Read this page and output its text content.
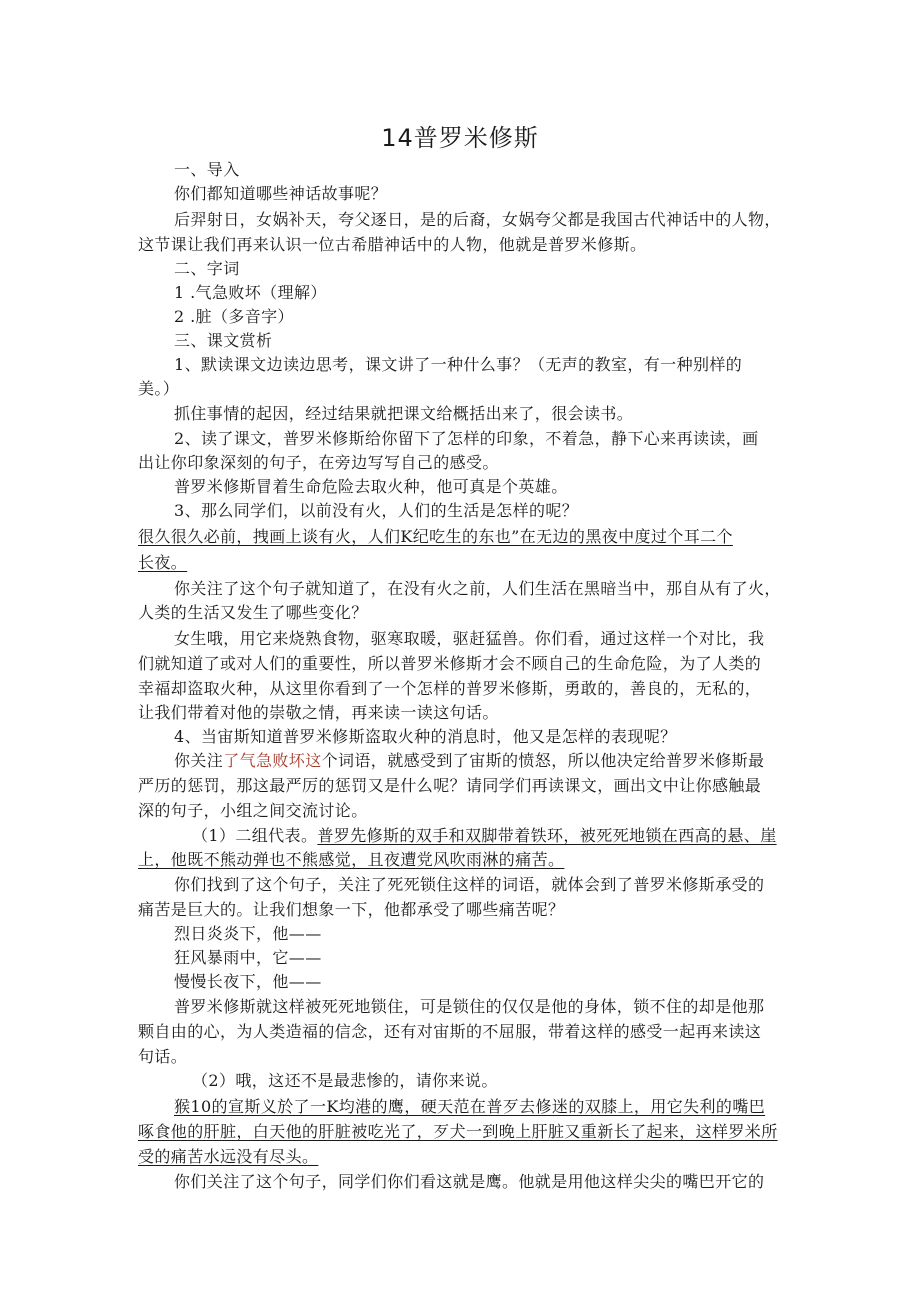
14普罗米修斯
一、导入
你们都知道哪些神话故事呢？
后羿射日，女娲补天，夸父逐日，是的后裔，女娲夸父都是我国古代神话中的人物，
这节课让我们再来认识一位古希腊神话中的人物，他就是普罗米修斯。
二、字词
1 .气急败坏（理解）
2 .脏（多音字）
三、课文赏析
1、默读课文边读边思考，课文讲了一种什么事？（无声的教室，有一种别样的
美。）
抓住事情的起因，经过结果就把课文给概括出来了，很会读书。
2、读了课文，普罗米修斯给你留下了怎样的印象，不着急，静下心来再读读，画
出让你印象深刻的句子，在旁边写写自己的感受。
普罗米修斯冒着生命危险去取火种，他可真是个英雄。
3、那么同学们，以前没有火，人们的生活是怎样的呢？
很久很久必前，拽画上谈有火，人们K纪吃生的东也”在无边的黑夜中度过个耳二个
长夜。
你关注了这个句子就知道了，在没有火之前，人们生活在黑暗当中，那自从有了火，
人类的生活又发生了哪些变化？
女生哦，用它来烧熟食物，驱寒取暖，驱赶猛兽。你们看，通过这样一个对比，我
们就知道了或对人们的重要性，所以普罗米修斯才会不顾自己的生命危险，为了人类的
幸福却盗取火种，从这里你看到了一个怎样的普罗米修斯，勇敢的，善良的，无私的，
让我们带着对他的崇敬之情，再来读一读这句话。
4、当宙斯知道普罗米修斯盗取火种的消息时，他又是怎样的表现呢？
你关注了气急败坏这个词语，就感受到了宙斯的愤怒，所以他决定给普罗米修斯最
严历的惩罚，那这最严厉的惩罚又是什么呢？请同学们再读课文，画出文中让你感触最
深的句子，小组之间交流讨论。
（1）二组代表。普罗先修斯的双手和双脚带着铁环，被死死地锁在西高的悬、崖
上，他既不熊动弹也不熊感觉，且夜遭党风吹雨淋的痛苦。
你们找到了这个句子，关注了死死锁住这样的词语，就体会到了普罗米修斯承受的
痛苦是巨大的。让我们想象一下，他都承受了哪些痛苦呢？
烈日炎炎下，他——
狂风暴雨中，它——
慢慢长夜下，他——
普罗米修斯就这样被死死地锁住，可是锁住的仅仅是他的身体，锁不住的却是他那
颗自由的心，为人类造福的信念，还有对宙斯的不屈服，带着这样的感受一起再来读这
句话。
（2）哦，这还不是最悲惨的，请你来说。
猴10的宣斯义於了一K均港的鹰，硬天范在普歹去修迷的双膝上，用它失利的嘴巴
啄食他的肝脏，白天他的肝脏被吃光了，歹犬一到晚上肝脏又重新长了起来，这样罗米所
受的痛苦水远没有尽头。
你们关注了这个句子，同学们你们看这就是鹰。他就是用他这样尖尖的嘴巴开它的
